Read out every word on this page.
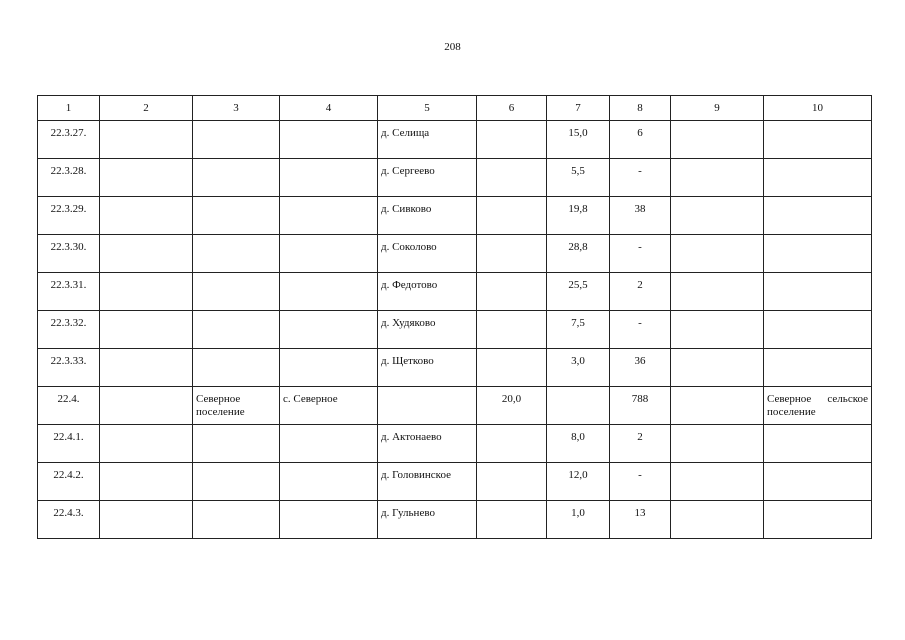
208
1	2	3	4	5	6	7	8	9	10

22.3.27.				д. Селища		15,0	6		

22.3.28.				д. Сергеево		5,5	-		

22.3.29.				д. Сивково		19,8	38		

22.3.30.				д. Соколово		28,8	-		

22.3.31.				д. Федотово		25,5	2		

22.3.32.				д. Худяково		7,5	-		

22.3.33.				д. Щетково		3,0	36		

22.4.		Северное поселение	с. Северное		20,0		788		Северное сельское поселение

22.4.1.				д. Актонаево		8,0	2		

22.4.2.				д. Головинское		12,0	-		

22.4.3.				д. Гульнево		1,0	13		
